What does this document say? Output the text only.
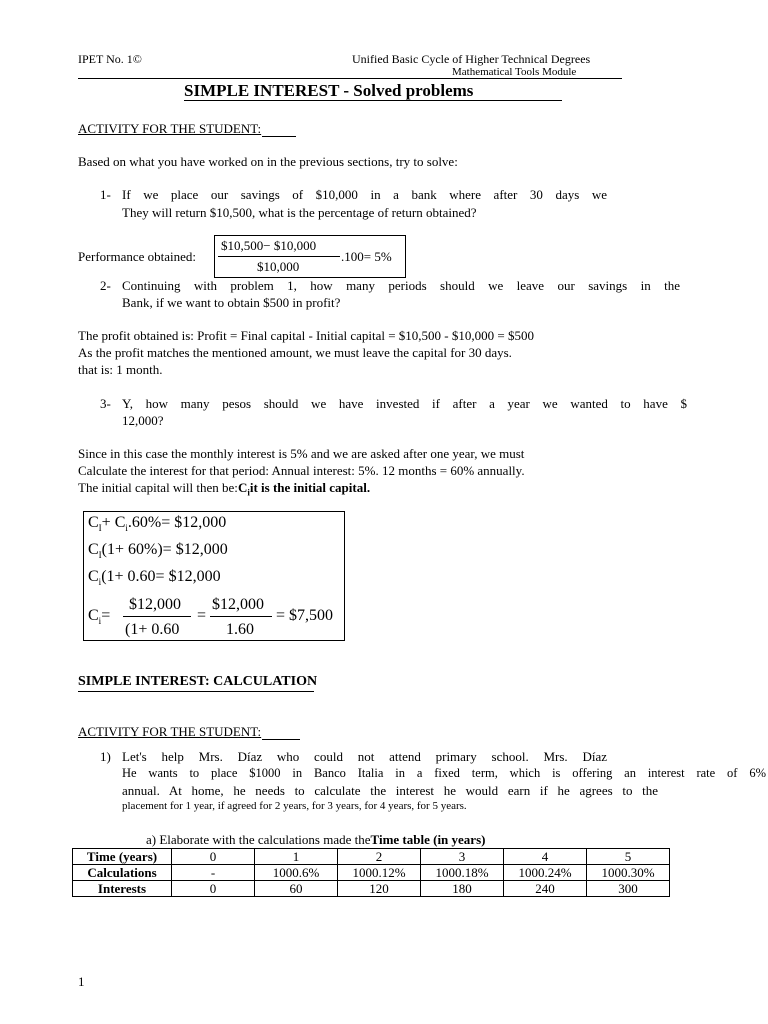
IPET No. 1©	Unified Basic Cycle of Higher Technical Degrees
Mathematical Tools Module
SIMPLE INTEREST - Solved problems
ACTIVITY FOR THE STUDENT:
Based on what you have worked on in the previous sections, try to solve:
1- If we place our savings of $10,000 in a bank where after 30 days we
They will return $10,500, what is the percentage of return obtained?
Performance obtained:
$10,500− $10,000
$10,000
.100= 5%
2- Continuing with problem 1, how many periods should we leave our savings in the
Bank, if we want to obtain $500 in profit?
The profit obtained is: Profit = Final capital - Initial capital = $10,500 - $10,000 = $500
As the profit matches the mentioned amount, we must leave the capital for 30 days.
that is: 1 month.
3- Y, how many pesos should we have invested if after a year we wanted to have $
12,000?
Since in this case the monthly interest is 5% and we are asked after one year, we must
Calculate the interest for that period: Annual interest: 5%. 12 months = 60% annually.
The initial capital will then $be:C_iit$ is the initial capital.
$C_I+ C_i.60\%=$ $12,000
$C_I(1+ 60\%)=$ $12,000
$C_i(1+ 0.60=$ $12,000
$C_i=$
$12,000
(1+ 0.60
=
$12,000
1.60
= $7,500
SIMPLE INTEREST: CALCULATION
ACTIVITY FOR THE STUDENT:
1) Let's help Mrs. Díaz who could not attend primary school. Mrs. Díaz
He wants to place $1000 in Banco Italia in a fixed term, which is offering an interest rate of 6%
annual. At home, he needs to calculate the interest he would earn if he agrees to the
placement for 1 year, if agreed for 2 years, for 3 years, for 4 years, for 5 years.
a) Elaborate with the calculations made theTime table (in years)
Time (years)	0	1	2	3	4	5
Calculations	-	1000.6%	1000.12%	1000.18%	1000.24%	1000.30%
Interests	0	60	120	180	240	300
1
